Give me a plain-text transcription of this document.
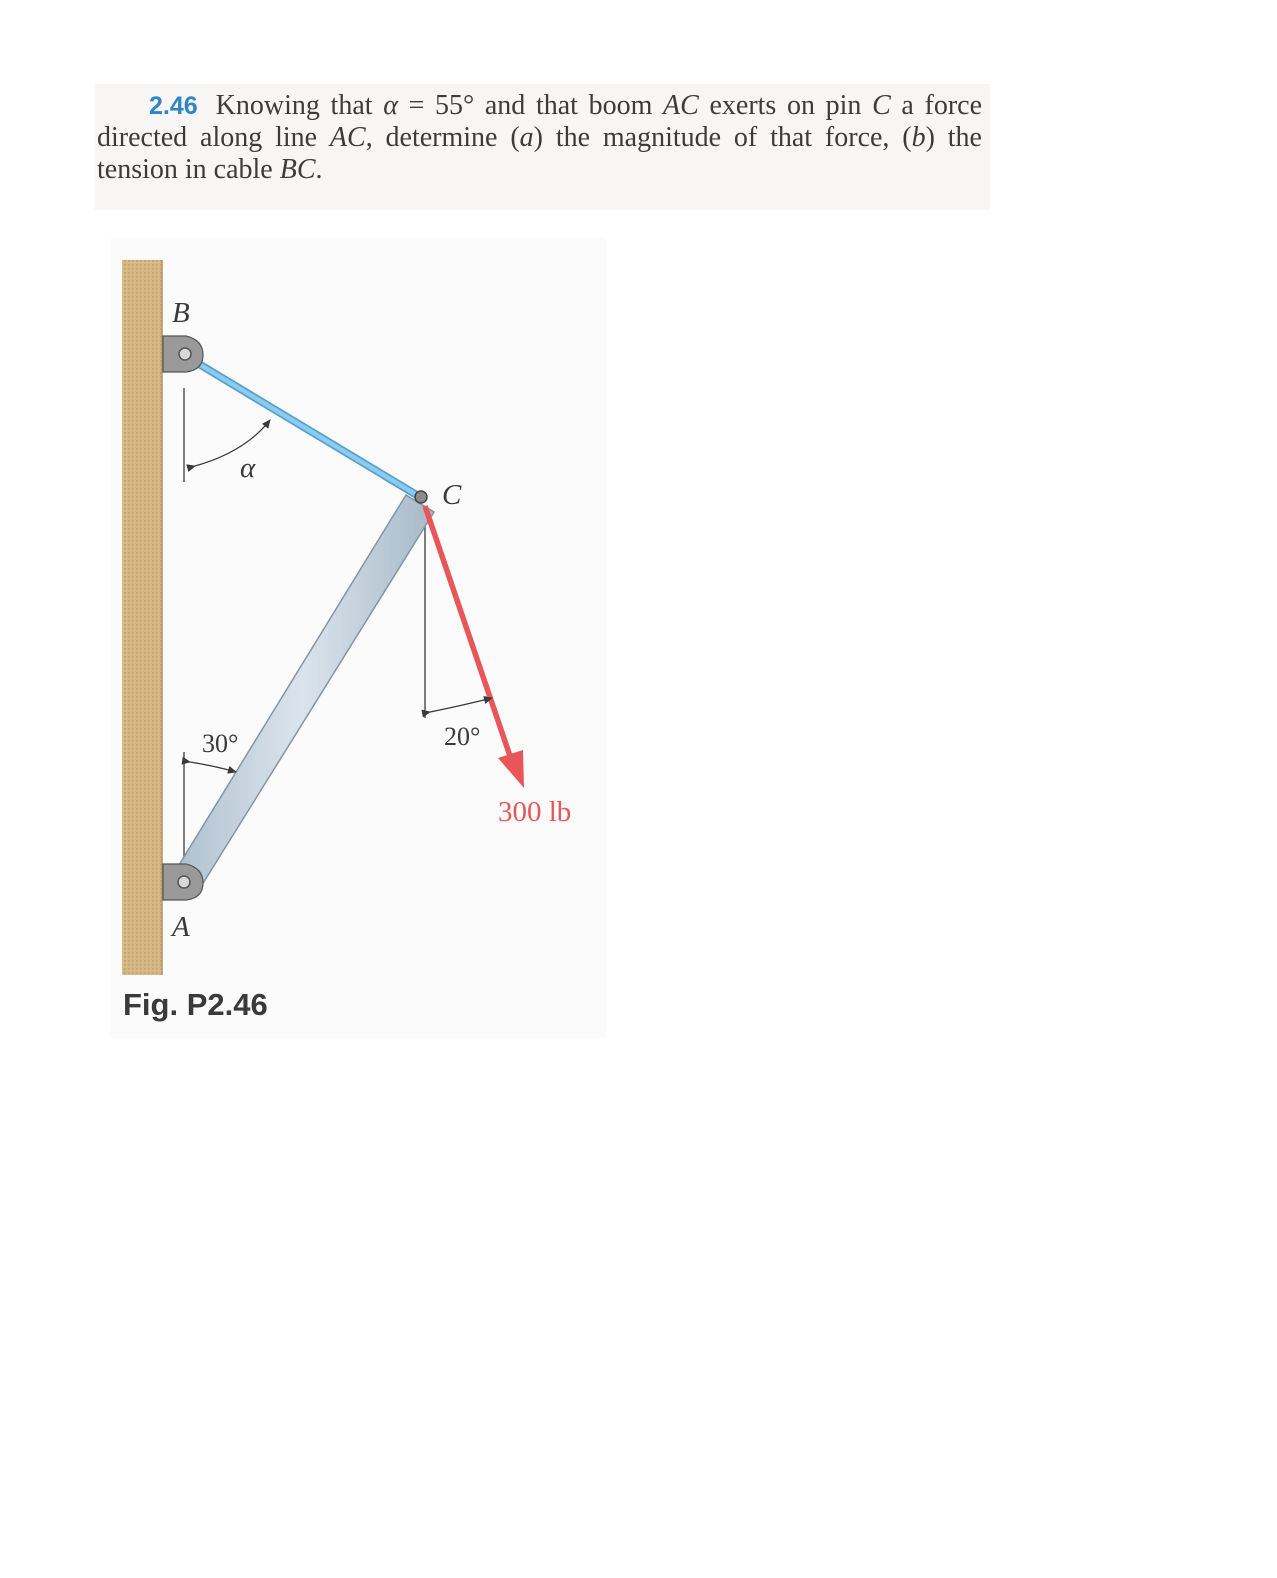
2.46 Knowing that α = 55° and that boom AC exerts on pin C a force directed along line AC, determine (a) the magnitude of that force, (b) the tension in cable BC.

B
C
A
α
30°	20°
300 lb
Fig. P2.46
